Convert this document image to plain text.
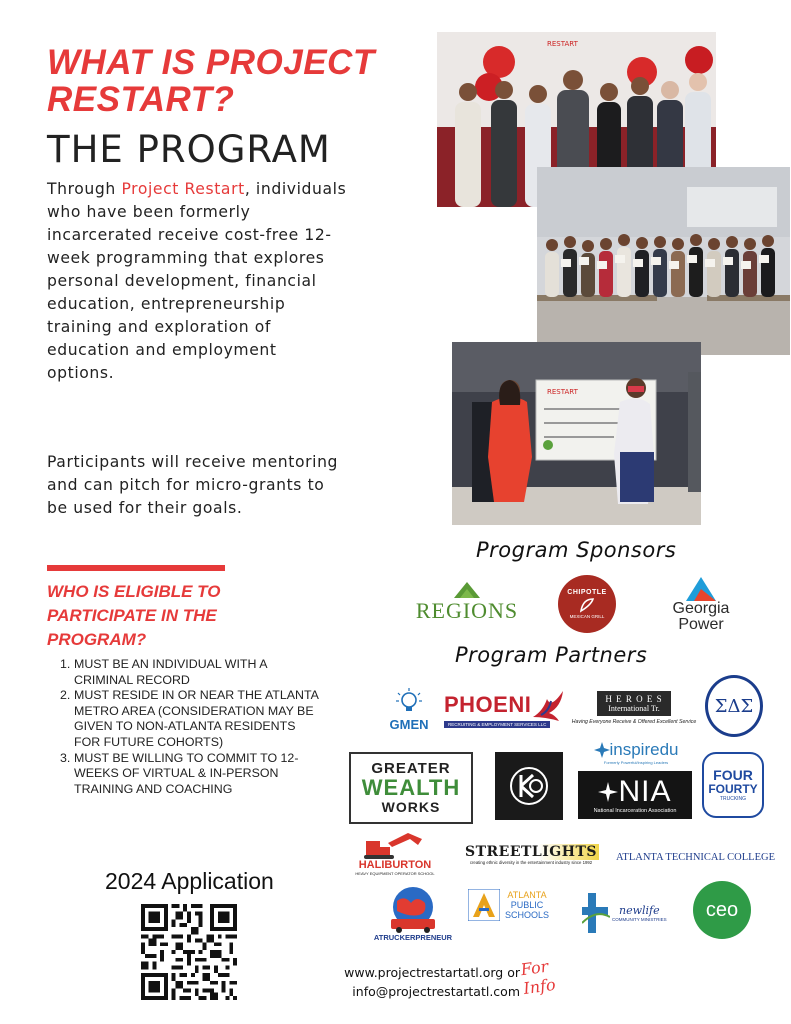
WHAT IS PROJECT RESTART?
THE PROGRAM
Through Project Restart, individuals who have been formerly incarcerated receive cost-free 12-week programming that explores personal development, financial education, entrepreneurship training and exploration of education and employment options.
Participants will receive mentoring and can pitch for micro-grants to be used for their goals.
WHO IS ELIGIBLE TO PARTICIPATE IN THE PROGRAM?
1. MUST BE AN INDIVIDUAL WITH A CRIMINAL RECORD
2. MUST RESIDE IN OR NEAR THE ATLANTA METRO AREA (CONSIDERATION MAY BE GIVEN TO NON-ATLANTA RESIDENTS FOR FUTURE COHORTS)
3. MUST BE WILLING TO COMMIT TO 12-WEEKS OF VIRTUAL & IN-PERSON TRAINING AND COACHING
2024 Application
RESTART
RESTART
Program Sponsors
REGIONS
CHIPOTLE
MEXICAN GRILL	Georgia
Power
Program Partners
GMEN
PHOENI
RECRUITING & EMPLOYMENT SERVICES LLC
H E R O E S
International Tr.
Having Everyone Receive & Offered Excellent Service
ΣΔΣ
GREATER
WEALTH
WORKS
inspiredu
Formerly Powerful/Inspiring Leaders
NIA
National Incarceration Association
FOUR
FOURTY
TRUCKING
HALIBURTON
HEAVY EQUIPMENT OPERATOR SCHOOL
STREETLIGHTS
creating ethnic diversity in the entertainment industry since 1992 ATLANTA TECHNICAL COLLEGE
ATRUCKERPRENEUR
ATLANTA
PUBLIC
SCHOOLS	newlife
COMMUNITY MINISTRIES ceo
www.projectrestartatl.org or
info@projectrestartatl.com
For
Info
